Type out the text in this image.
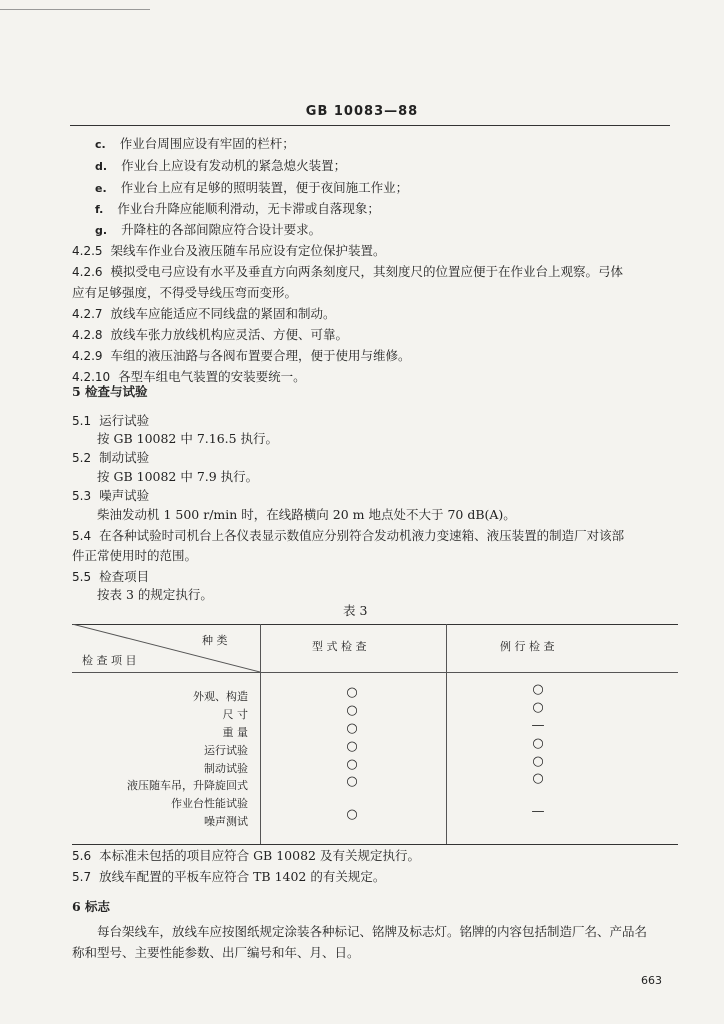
GB 10083—88
c. 作业台周围应设有牢固的栏杆；
d. 作业台上应设有发动机的紧急熄火装置；
e. 作业台上应有足够的照明装置，便于夜间施工作业；
f. 作业台升降应能顺利滑动，无卡滞或自落现象；
g. 升降柱的各部间隙应符合设计要求。
4.2.5 架线车作业台及液压随车吊应设有定位保护装置。
4.2.6 模拟受电弓应设有水平及垂直方向两条刻度尺，其刻度尺的位置应便于在作业台上观察。弓体
应有足够强度，不得受导线压弯而变形。
4.2.7 放线车应能适应不同线盘的紧固和制动。
4.2.8 放线车张力放线机构应灵活、方便、可靠。
4.2.9 车组的液压油路与各阀布置要合理，便于使用与维修。
4.2.10 各型车组电气装置的安装要统一。
5 检查与试验
5.1 运行试验
按 GB 10082 中 7.16.5 执行。
5.2 制动试验
按 GB 10082 中 7.9 执行。
5.3 噪声试验
柴油发动机 1 500 r/min 时，在线路横向 20 m 地点处不大于 70 dB(A)。
5.4 在各种试验时司机台上各仪表显示数值应分别符合发动机液力变速箱、液压装置的制造厂对该部
件正常使用时的范围。
5.5 检查项目
按表 3 的规定执行。
表 3
种 类
检 查 项 目
型 式 检 查	例 行 检 查
外观、构造	○	○
尺 寸	○	○
重 量	○	—
运行试验	○	○
制动试验	○	○
液压随车吊，升降旋回式	○	○
作业台性能试验
噪声测试	○	—
5.6 本标准未包括的项目应符合 GB 10082 及有关规定执行。
5.7 放线车配置的平板车应符合 TB 1402 的有关规定。
6 标志
每台架线车，放线车应按图纸规定涂装各种标记、铭牌及标志灯。铭牌的内容包括制造厂名、产品名
称和型号、主要性能参数、出厂编号和年、月、日。
663
